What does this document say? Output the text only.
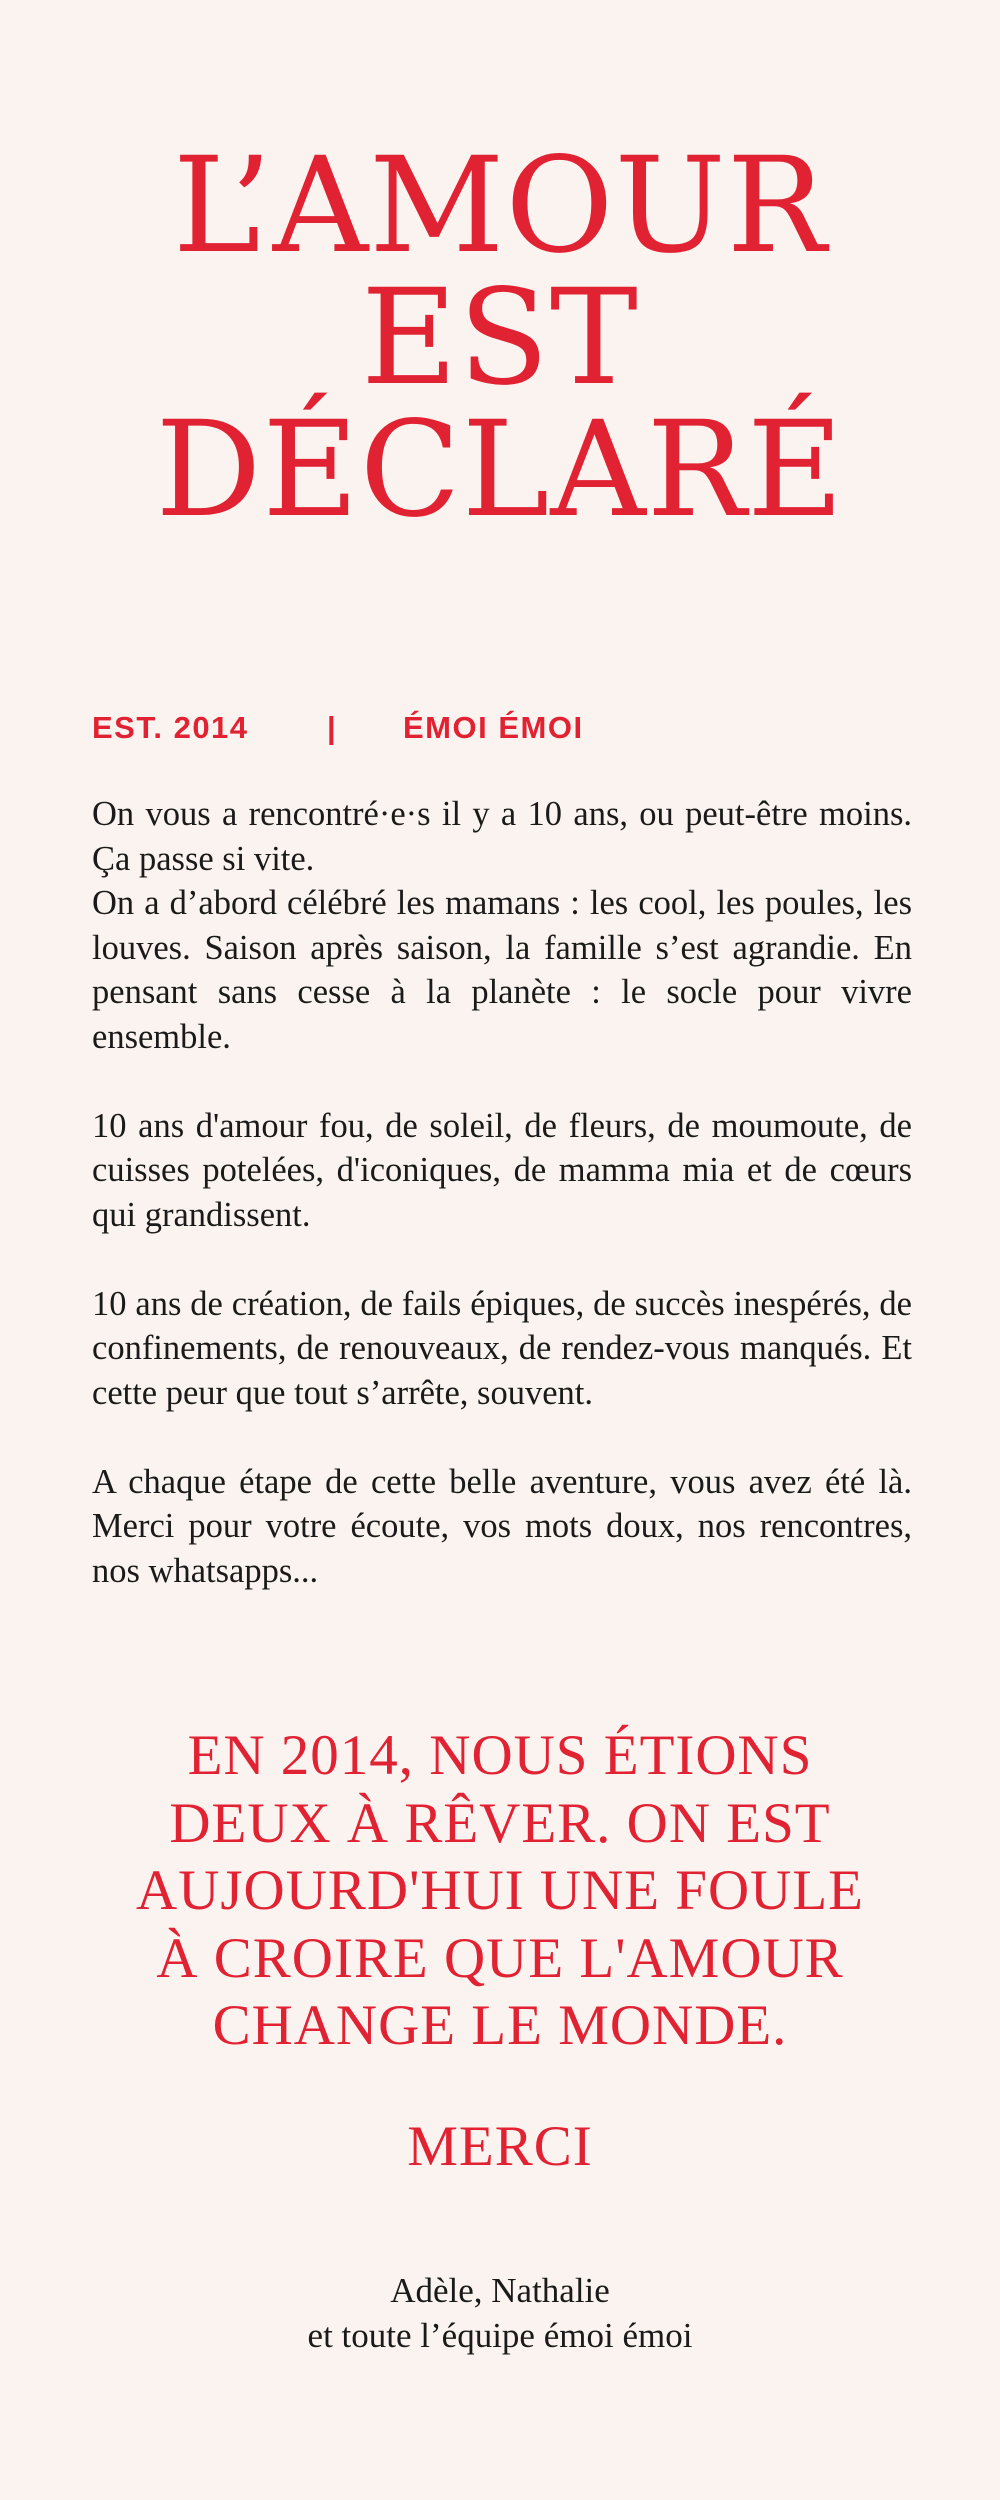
L’AMOUR
EST
DÉCLARÉ
EST. 2014	|	ÉMOI ÉMOI

On vous a rencontré·e·s il y a 10 ans, ou peut-être moins. Ça passe si vite.
On a d’abord célébré les mamans : les cool, les poules, les louves. Saison après saison, la famille s’est agrandie. En pensant sans cesse à la planète : le socle pour vivre ensemble.

10 ans d'amour fou, de soleil, de fleurs, de moumoute, de cuisses potelées, d'iconiques, de mamma mia et de cœurs qui grandissent.

10 ans de création, de fails épiques, de succès inespérés, de confinements, de renouveaux, de rendez-vous manqués. Et cette peur que tout s’arrête, souvent.

A chaque étape de cette belle aventure, vous avez été là. Merci pour votre écoute, vos mots doux, nos rencontres, nos whatsapps...

EN 2014, NOUS ÉTIONS
DEUX À RÊVER. ON EST
AUJOURD'HUI UNE FOULE
À CROIRE QUE L'AMOUR
CHANGE LE MONDE.
MERCI
Adèle, Nathalie
et toute l’équipe émoi émoi
